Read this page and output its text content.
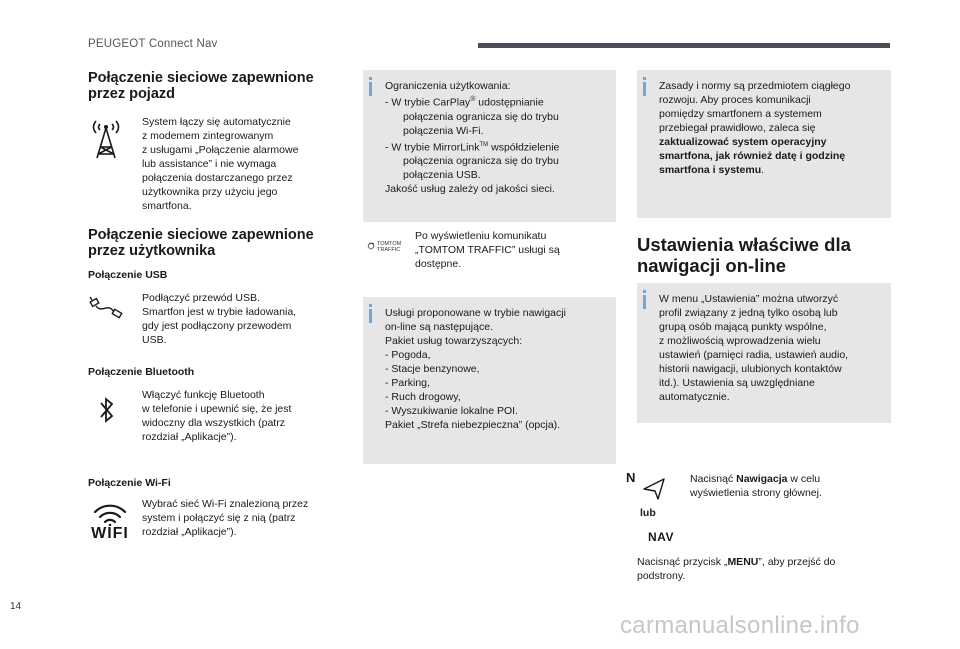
PEUGEOT Connect Nav
Połączenie sieciowe zapewnione
przez pojazd
System łączy się automatycznie
z modemem zintegrowanym
z usługami „Połączenie alarmowe
lub assistance” i nie wymaga
połączenia dostarczanego przez
użytkownika przy użyciu jego
smartfona.
Połączenie sieciowe zapewnione
przez użytkownika
Połączenie USB
Podłączyć przewód USB.
Smartfon jest w trybie ładowania,
gdy jest podłączony przewodem
USB.
Połączenie Bluetooth
Włączyć funkcję Bluetooth
w telefonie i upewnić się, że jest
widoczny dla wszystkich (patrz
rozdział „Aplikacje”).
Połączenie Wi-Fi
WIFI
Wybrać sieć Wi-Fi znalezioną przez
system i połączyć się z nią (patrz
rozdział „Aplikacje”).
Ograniczenia użytkowania:
- W trybie CarPlay® udostępnianie
połączenia ogranicza się do trybu
połączenia Wi-Fi.
- W trybie MirrorLink™ współdzielenie
połączenia ogranicza się do trybu
połączenia USB.
Jakość usług zależy od jakości sieci.
TOMTOM
TRAFFIC
Po wyświetleniu komunikatu
„TOMTOM TRAFFIC” usługi są
dostępne.
Usługi proponowane w trybie nawigacji
on-line są następujące.
Pakiet usług towarzyszących:
- Pogoda,
- Stacje benzynowe,
- Parking,
- Ruch drogowy,
- Wyszukiwanie lokalne POI.
Pakiet „Strefa niebezpieczna” (opcja).
Zasady i normy są przedmiotem ciągłego
rozwoju. Aby proces komunikacji
pomiędzy smartfonem a systemem
przebiegał prawidłowo, zaleca się
zaktualizować system operacyjny
smartfona, jak również datę i godzinę
smartfona i systemu.
Ustawienia właściwe dla
nawigacji on-line
W menu „Ustawienia” można utworzyć
profil związany z jedną tylko osobą lub
grupą osób mającą punkty wspólne,
z możliwością wprowadzenia wielu
ustawień (pamięci radia, ustawień audio,
historii nawigacji, ulubionych kontaktów
itd.). Ustawienia są uwzględniane
automatycznie.
N
lub
NAV
Nacisnąć Nawigacja w celu
wyświetlenia strony głównej.
Nacisnąć przycisk „MENU”, aby przejść do
podstrony.
14
carmanualsonline.info
